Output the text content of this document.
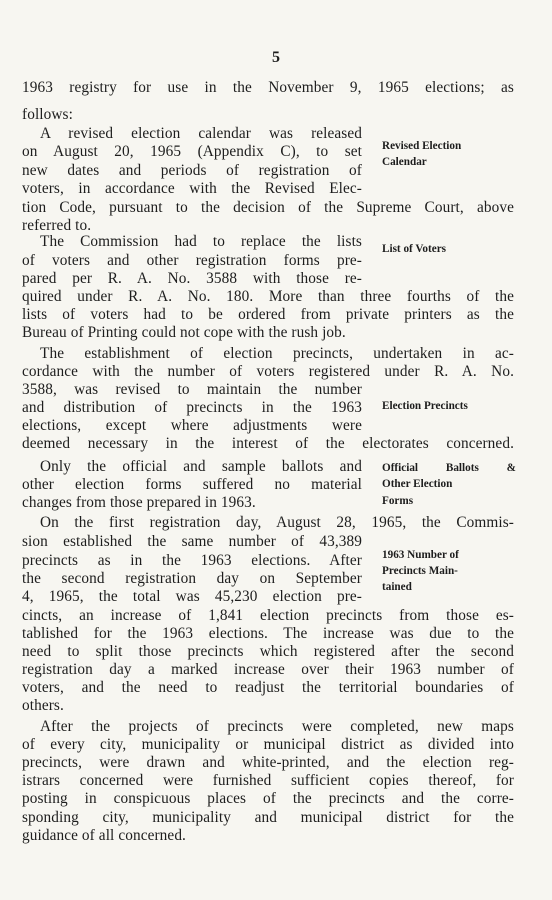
5
1963 registry for use in the November 9, 1965 elections; as
follows:
A revised election calendar was released
on August 20, 1965 (Appendix C), to set
new dates and periods of registration of
voters, in accordance with the Revised Elec-
tion Code, pursuant to the decision of the Supreme Court, above
referred to.
The Commission had to replace the lists
of voters and other registration forms pre-
pared per R. A. No. 3588 with those re-
quired under R. A. No. 180. More than three fourths of the
lists of voters had to be ordered from private printers as the
Bureau of Printing could not cope with the rush job.
The establishment of election precincts, undertaken in ac-
cordance with the number of voters registered under R. A. No.
3588, was revised to maintain the number
and distribution of precincts in the 1963
elections, except where adjustments were
deemed necessary in the interest of the electorates concerned.
Only the official and sample ballots and
other election forms suffered no material
changes from those prepared in 1963.
On the first registration day, August 28, 1965, the Commis-
sion established the same number of 43,389
precincts as in the 1963 elections. After
the second registration day on September
4, 1965, the total was 45,230 election pre-
cincts, an increase of 1,841 election precincts from those es-
tablished for the 1963 elections. The increase was due to the
need to split those precincts which registered after the second
registration day a marked increase over their 1963 number of
voters, and the need to readjust the territorial boundaries of
others.
After the projects of precincts were completed, new maps
of every city, municipality or municipal district as divided into
precincts, were drawn and white-printed, and the election reg-
istrars concerned were furnished sufficient copies thereof, for
posting in conspicuous places of the precincts and the corre-
sponding city, municipality and municipal district for the
guidance of all concerned.
Revised Election
Calendar
List of Voters
Election Precincts
Official Ballots &
Other Election
Forms
1963 Number of
Precincts Main-
tained
